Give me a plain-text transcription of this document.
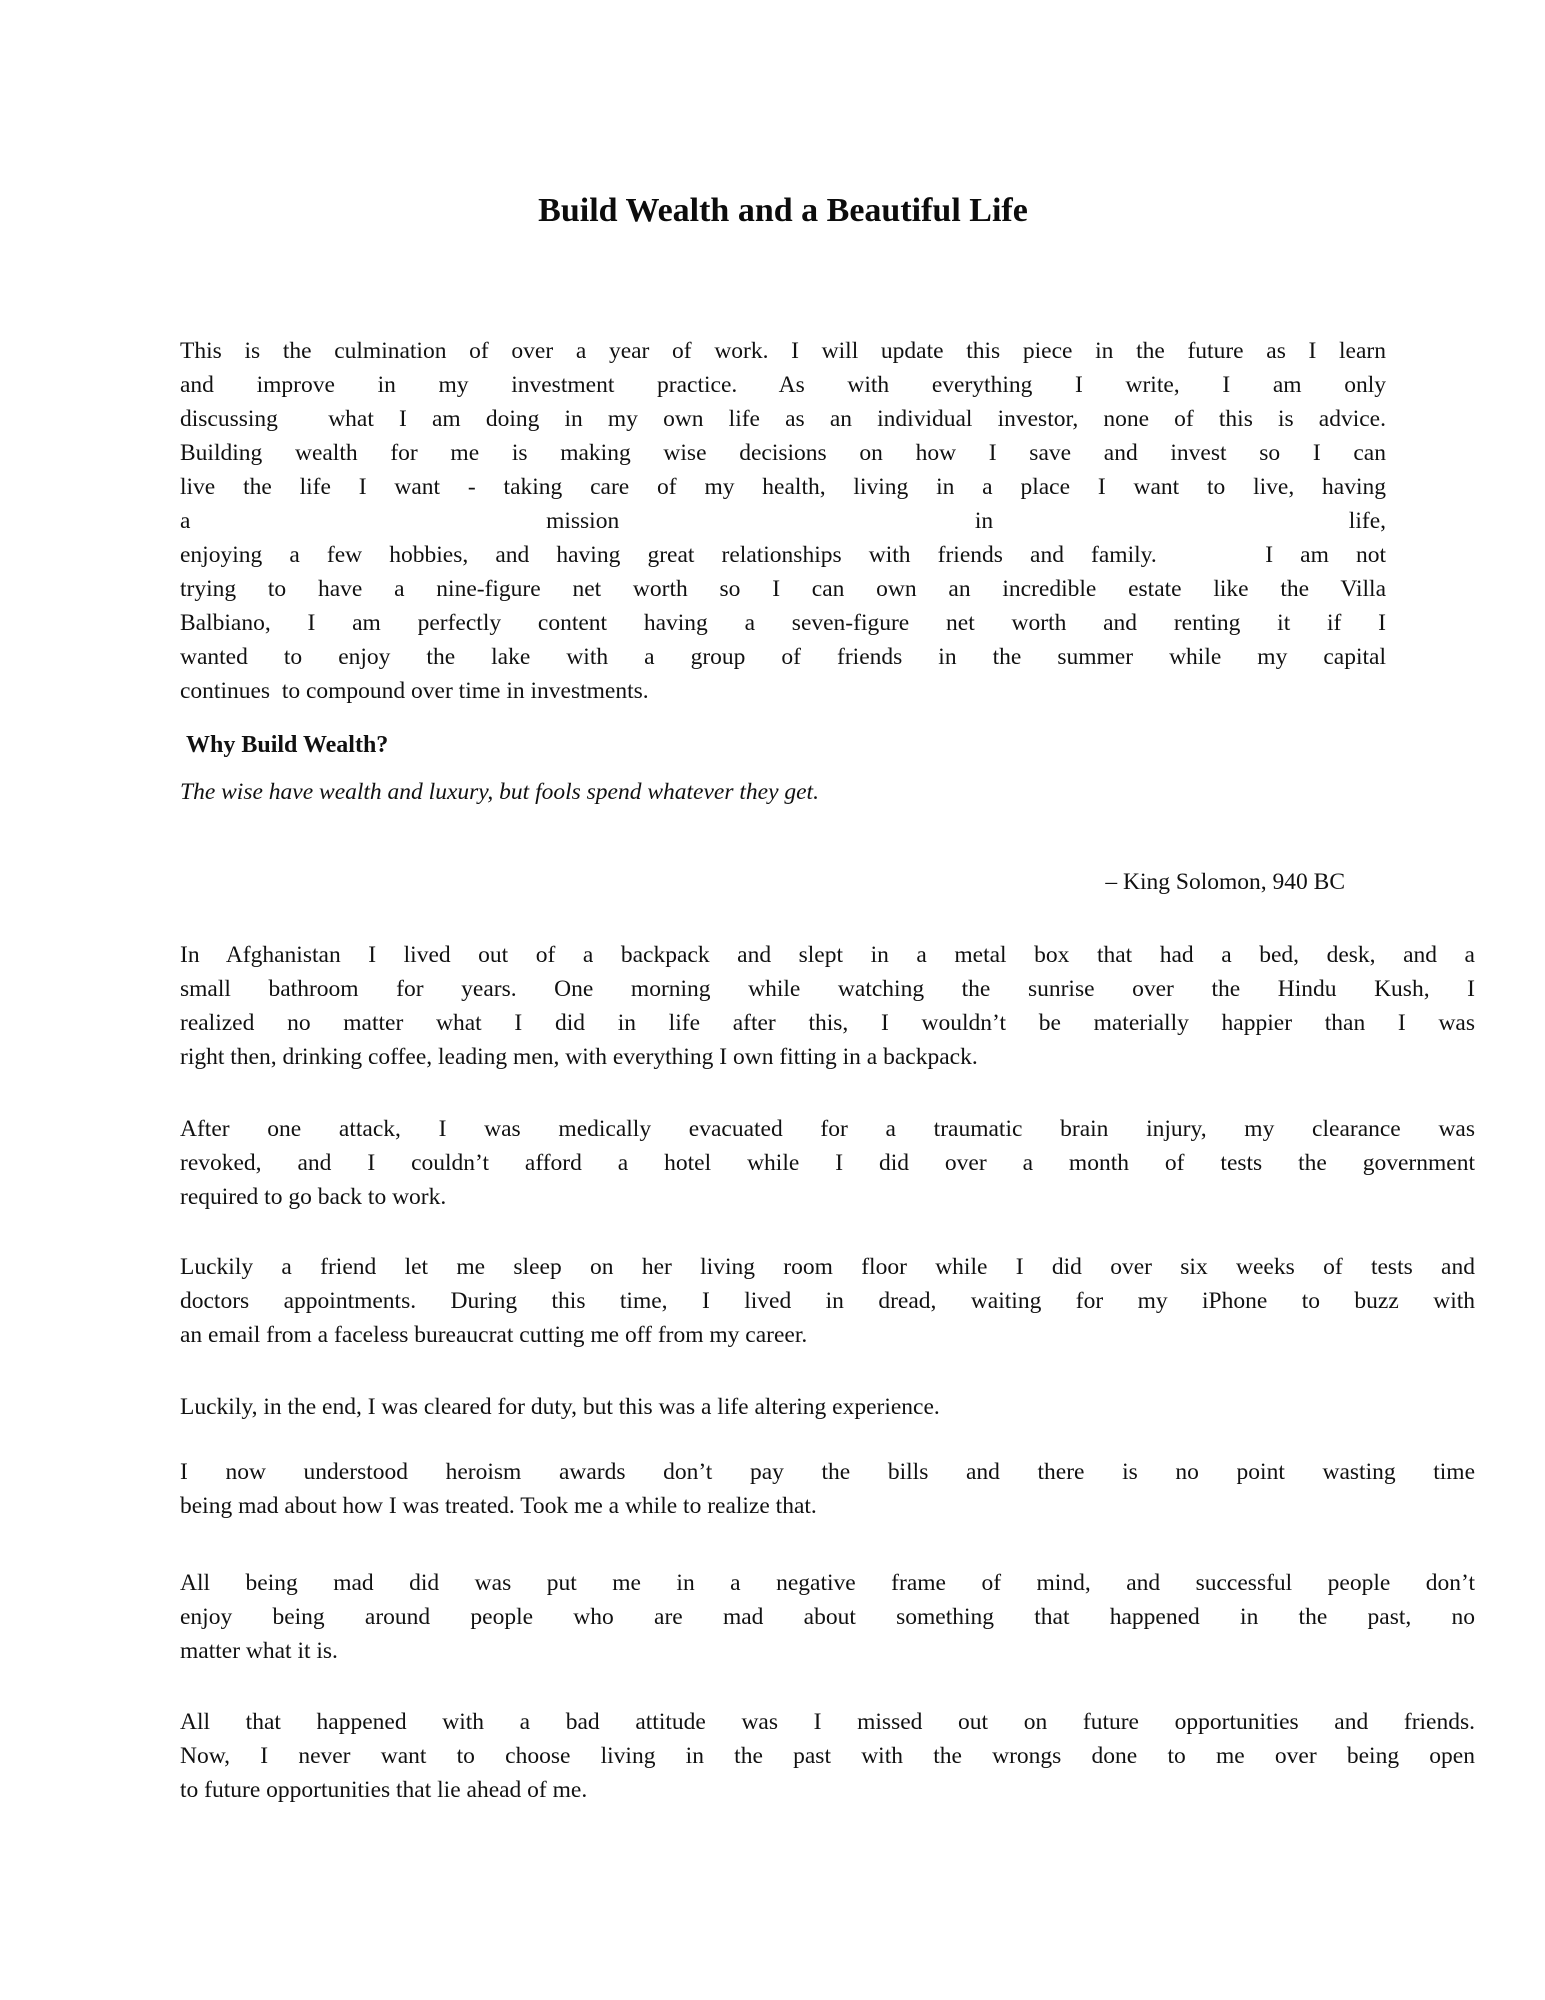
Build Wealth and a Beautiful Life
This is the culmination of over a year of work. I will update this piece in the future as I learn
and improve in my investment practice. As with everything I write, I am only
discussing  what I am doing in my own life as an individual investor, none of this is advice.
Building wealth for me is making wise decisions on how I save and invest so I can
live the life I want - taking care of my health, living in a place I want to live, having
a mission in life,
enjoying a few hobbies, and having great relationships with friends and family.    I am not
trying to have a nine-figure net worth so I can own an incredible estate like the Villa
Balbiano, I am perfectly content having a seven-figure net worth and renting it if I
wanted to enjoy the lake with a group of friends in the summer while my capital
continues  to compound over time in investments.
Why Build Wealth?
The wise have wealth and luxury, but fools spend whatever they get.
– King Solomon, 940 BC
In Afghanistan I lived out of a backpack and slept in a metal box that had a bed, desk, and a
small bathroom for years. One morning while watching the sunrise over the Hindu Kush, I
realized no matter what I did in life after this, I wouldn’t be materially happier than I was
right then, drinking coffee, leading men, with everything I own fitting in a backpack.
After one attack, I was medically evacuated for a traumatic brain injury, my clearance was
revoked, and I couldn’t afford a hotel while I did over a month of tests the government
required to go back to work.
Luckily a friend let me sleep on her living room floor while I did over six weeks of tests and
doctors appointments. During this time, I lived in dread, waiting for my iPhone to buzz with
an email from a faceless bureaucrat cutting me off from my career.
Luckily, in the end, I was cleared for duty, but this was a life altering experience.
I now understood heroism awards don’t pay the bills and there is no point wasting time
being mad about how I was treated. Took me a while to realize that.
All being mad did was put me in a negative frame of mind, and successful people don’t
enjoy being around people who are mad about something that happened in the past, no
matter what it is.
All that happened with a bad attitude was I missed out on future opportunities and friends.
Now, I never want to choose living in the past with the wrongs done to me over being open
to future opportunities that lie ahead of me.
